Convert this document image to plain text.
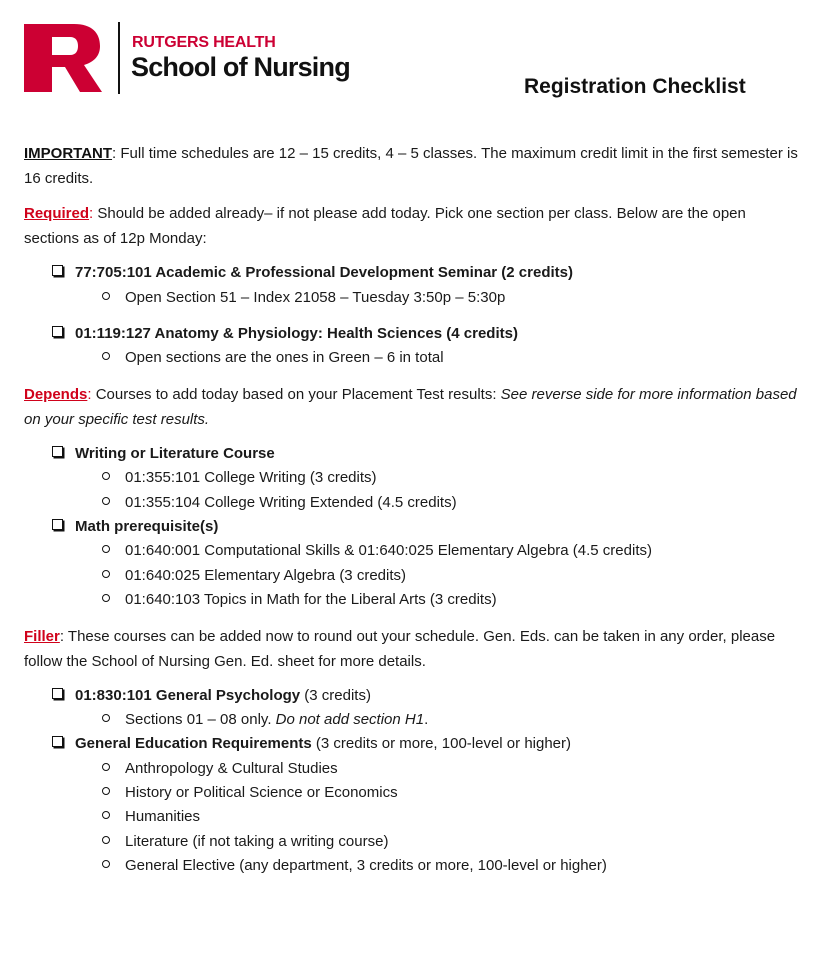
RUTGERS HEALTH
School of Nursing
Registration Checklist
IMPORTANT: Full time schedules are 12 – 15 credits, 4 – 5 classes. The maximum credit limit in the first semester is 16 credits.
Required: Should be added already– if not please add today. Pick one section per class. Below are the open sections as of 12p Monday:
77:705:101 Academic & Professional Development Seminar (2 credits)
Open Section 51 – Index 21058 – Tuesday 3:50p – 5:30p
01:119:127 Anatomy & Physiology: Health Sciences (4 credits)
Open sections are the ones in Green – 6 in total
Depends: Courses to add today based on your Placement Test results: See reverse side for more information based on your specific test results.
Writing or Literature Course
01:355:101 College Writing (3 credits)
01:355:104 College Writing Extended (4.5 credits)
Math prerequisite(s)
01:640:001 Computational Skills & 01:640:025 Elementary Algebra (4.5 credits)
01:640:025 Elementary Algebra (3 credits)
01:640:103 Topics in Math for the Liberal Arts (3 credits)
Filler: These courses can be added now to round out your schedule. Gen. Eds. can be taken in any order, please follow the School of Nursing Gen. Ed. sheet for more details.
01:830:101 General Psychology (3 credits)
Sections 01 – 08 only. Do not add section H1.
General Education Requirements (3 credits or more, 100-level or higher)
Anthropology & Cultural Studies
History or Political Science or Economics
Humanities
Literature (if not taking a writing course)
General Elective (any department, 3 credits or more, 100-level or higher)
